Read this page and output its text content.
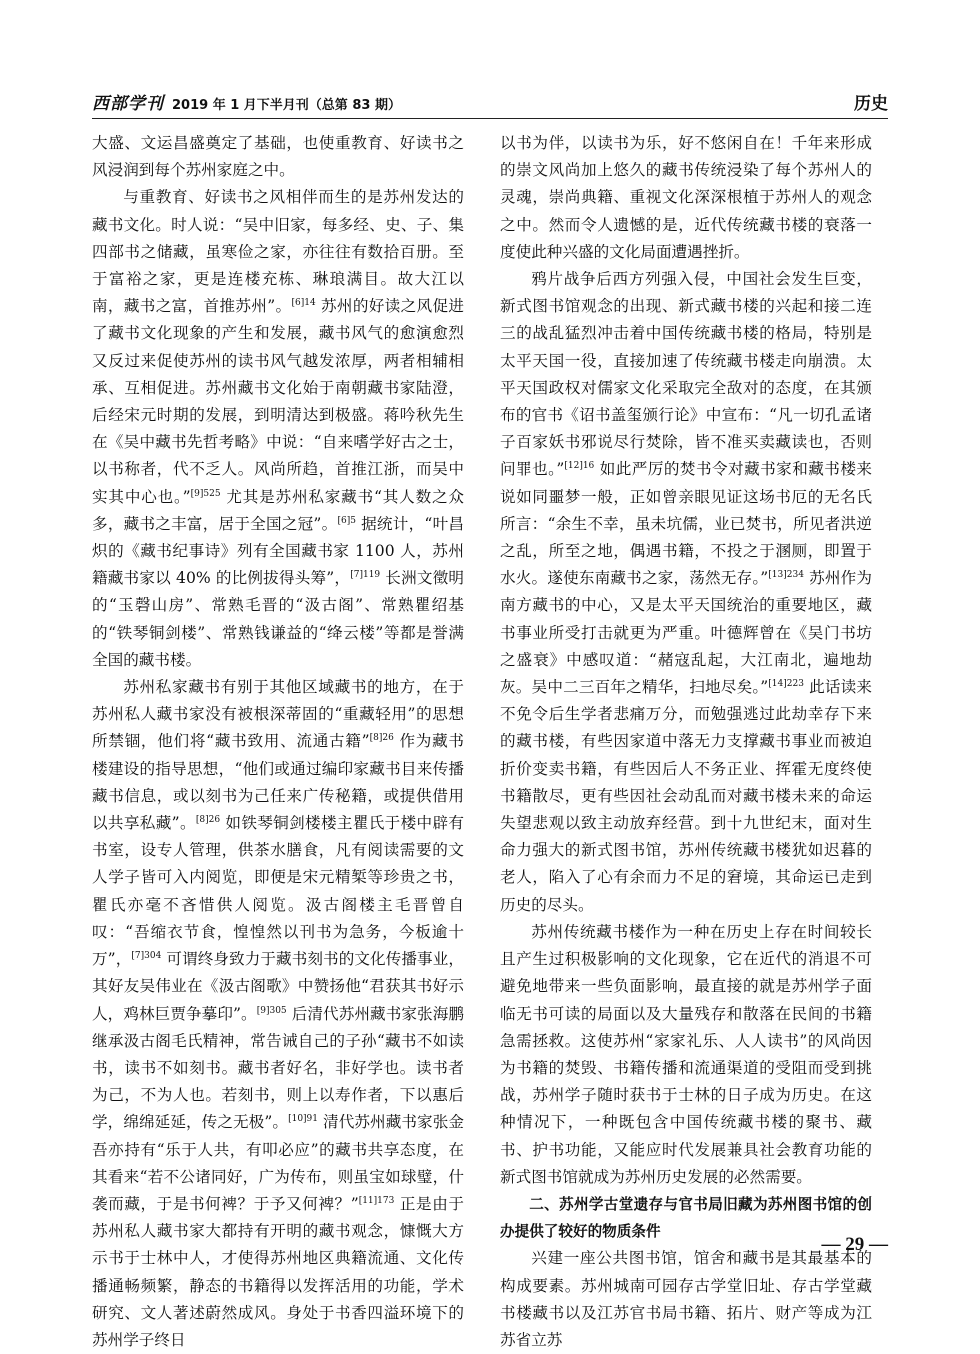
西部学刊 2019 年 1 月下半月刊（总第 83 期）	历史

大盛、文运昌盛奠定了基础，也使重教育、好读书之风浸润到每个苏州家庭之中。

与重教育、好读书之风相伴而生的是苏州发达的藏书文化。时人说：“吴中旧家，每多经、史、子、集四部书之储藏，虽寒俭之家，亦往往有数拾百册。至于富裕之家，更是连楼充栋、琳琅满目。故大江以南，藏书之富，首推苏州”。$^{[6]14}$ 苏州的好读之风促进了藏书文化现象的产生和发展，藏书风气的愈演愈烈又反过来促使苏州的读书风气越发浓厚，两者相辅相承、互相促进。苏州藏书文化始于南朝藏书家陆澄，后经宋元时期的发展，到明清达到极盛。蒋吟秋先生在《吴中藏书先哲考略》中说：“自来嗜学好古之士，以书称者，代不乏人。风尚所趋，首推江浙，而吴中实其中心也。”$^{[9]525}$ 尤其是苏州私家藏书“其人数之众多，藏书之丰富，居于全国之冠”。$^{[6]5}$ 据统计，“叶昌炽的《藏书纪事诗》列有全国藏书家 1100 人，苏州籍藏书家以 40% 的比例拔得头筹”，$^{[7]119}$ 长洲文徵明的“玉磬山房”、常熟毛晋的“汲古阁”、常熟瞿绍基的“铁琴铜剑楼”、常熟钱谦益的“绛云楼”等都是誉满全国的藏书楼。

苏州私家藏书有别于其他区域藏书的地方，在于苏州私人藏书家没有被根深蒂固的“重藏轻用”的思想所禁锢，他们将“藏书致用、流通古籍”$^{[8]26}$ 作为藏书楼建设的指导思想，“他们或通过编印家藏书目来传播藏书信息，或以刻书为己任来广传秘籍，或提供借用以共享私藏”。$^{[8]26}$ 如铁琴铜剑楼楼主瞿氏于楼中辟有书室，设专人管理，供茶水膳食，凡有阅读需要的文人学子皆可入内阅览，即便是宋元精椠等珍贵之书，瞿氏亦毫不吝惜供人阅览。汲古阁楼主毛晋曾自叹：“吾缩衣节食，惶惶然以刊书为急务，今板逾十万”，$^{[7]304}$ 可谓终身致力于藏书刻书的文化传播事业，其好友吴伟业在《汲古阁歌》中赞扬他“君获其书好示人，鸡林巨贾争摹印”。$^{[9]305}$ 后清代苏州藏书家张海鹏继承汲古阁毛氏精神，常告诫自己的子孙“藏书不如读书，读书不如刻书。藏书者好名，非好学也。读书者为己，不为人也。若刻书，则上以寿作者，下以惠后学，绵绵延延，传之无极”。$^{[10]91}$ 清代苏州藏书家张金吾亦持有“乐于人共，有叩必应”的藏书共享态度，在其看来“若不公诸同好，广为传布，则虽宝如球璧，什袭而藏，于是书何裨？于予又何裨？”$^{[11]173}$ 正是由于苏州私人藏书家大都持有开明的藏书观念，慷慨大方示书于士林中人，才使得苏州地区典籍流通、文化传播通畅频繁，静态的书籍得以发挥活用的功能，学术研究、文人著述蔚然成风。身处于书香四溢环境下的苏州学子终日

以书为伴，以读书为乐，好不悠闲自在！千年来形成的崇文风尚加上悠久的藏书传统浸染了每个苏州人的灵魂，崇尚典籍、重视文化深深根植于苏州人的观念之中。然而令人遗憾的是，近代传统藏书楼的衰落一度使此种兴盛的文化局面遭遇挫折。

鸦片战争后西方列强入侵，中国社会发生巨变，新式图书馆观念的出现、新式藏书楼的兴起和接二连三的战乱猛烈冲击着中国传统藏书楼的格局，特别是太平天国一役，直接加速了传统藏书楼走向崩溃。太平天国政权对儒家文化采取完全敌对的态度，在其颁布的官书《诏书盖玺颁行论》中宣布：“凡一切孔孟诸子百家妖书邪说尽行焚除，皆不准买卖藏读也，否则问罪也。”$^{[12]16}$ 如此严厉的焚书令对藏书家和藏书楼来说如同噩梦一般，正如曾亲眼见证这场书厄的无名氏所言：“余生不幸，虽未坑儒，业已焚书，所见者洪逆之乱，所至之地，偶遇书籍，不投之于溷厕，即置于水火。遂使东南藏书之家，荡然无存。”$^{[13]234}$ 苏州作为南方藏书的中心，又是太平天国统治的重要地区，藏书事业所受打击就更为严重。叶德辉曾在《吴门书坊之盛衰》中感叹道：“赭寇乱起，大江南北，遍地劫灰。吴中二三百年之精华，扫地尽矣。”$^{[14]223}$ 此话读来不免令后生学者悲痛万分，而勉强逃过此劫幸存下来的藏书楼，有些因家道中落无力支撑藏书事业而被迫折价变卖书籍，有些因后人不务正业、挥霍无度终使书籍散尽，更有些因社会动乱而对藏书楼未来的命运失望悲观以致主动放弃经营。到十九世纪末，面对生命力强大的新式图书馆，苏州传统藏书楼犹如迟暮的老人，陷入了心有余而力不足的窘境，其命运已走到历史的尽头。

苏州传统藏书楼作为一种在历史上存在时间较长且产生过积极影响的文化现象，它在近代的消退不可避免地带来一些负面影响，最直接的就是苏州学子面临无书可读的局面以及大量残存和散落在民间的书籍急需拯救。这使苏州“家家礼乐、人人读书”的风尚因为书籍的焚毁、书籍传播和流通渠道的受阻而受到挑战，苏州学子随时获书于士林的日子成为历史。在这种情况下，一种既包含中国传统藏书楼的聚书、藏书、护书功能，又能应时代发展兼具社会教育功能的新式图书馆就成为苏州历史发展的必然需要。

二、苏州学古堂遗存与官书局旧藏为苏州图书馆的创办提供了较好的物质条件

兴建一座公共图书馆，馆舍和藏书是其最基本的构成要素。苏州城南可园存古学堂旧址、存古学堂藏书楼藏书以及江苏官书局书籍、拓片、财产等成为江苏省立苏

— 29 —
